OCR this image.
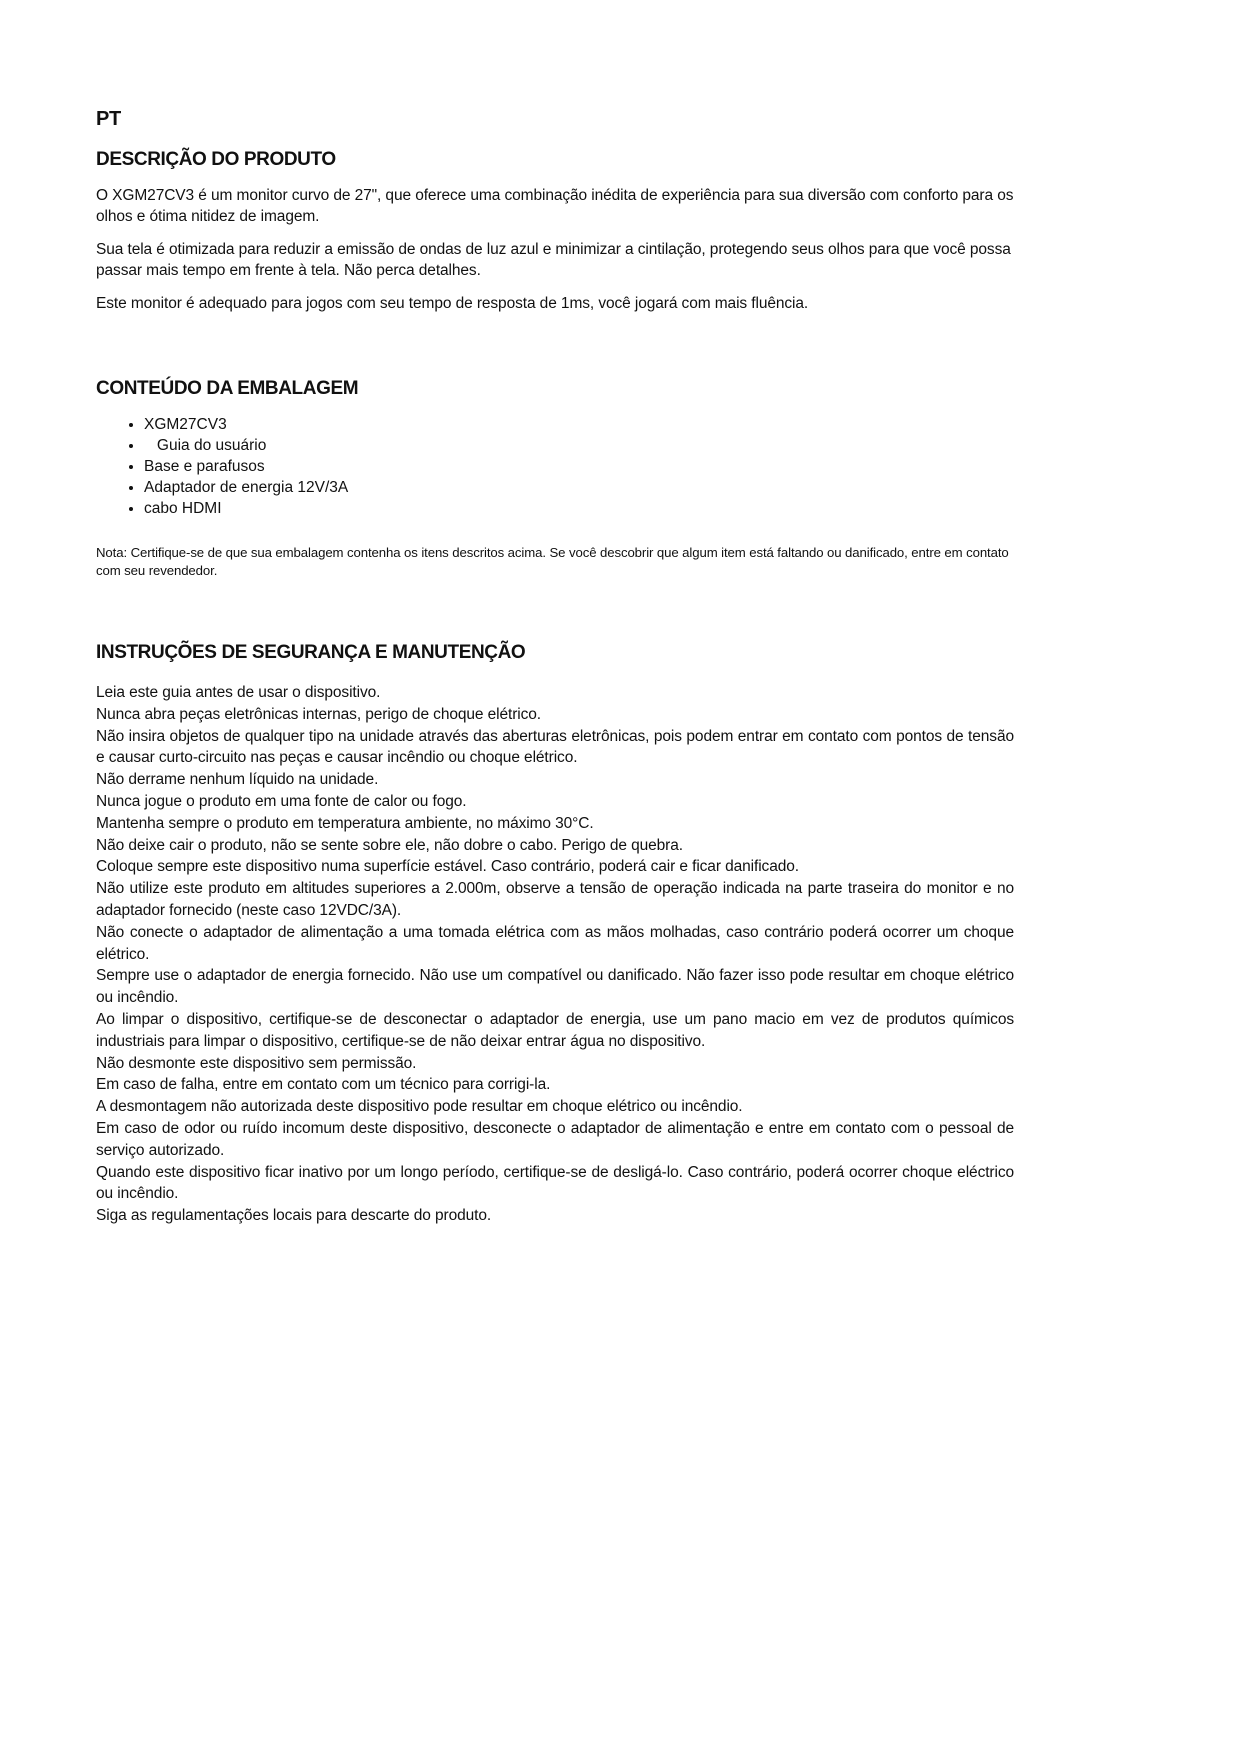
PT
DESCRIÇÃO DO PRODUTO

O XGM27CV3 é um monitor curvo de 27", que oferece uma combinação inédita de experiência para sua diversão com conforto para os olhos e ótima nitidez de imagem.

Sua tela é otimizada para reduzir a emissão de ondas de luz azul e minimizar a cintilação, protegendo seus olhos para que você possa passar mais tempo em frente à tela. Não perca detalhes.

Este monitor é adequado para jogos com seu tempo de resposta de 1ms, você jogará com mais fluência.

CONTEÚDO DA EMBALAGEM
• XGM27CV3
•    Guia do usuário
• Base e parafusos
• Adaptador de energia 12V/3A
• cabo HDMI

Nota: Certifique-se de que sua embalagem contenha os itens descritos acima. Se você descobrir que algum item está faltando ou danificado, entre em contato com seu revendedor.

INSTRUÇÕES DE SEGURANÇA E MANUTENÇÃO

Leia este guia antes de usar o dispositivo.

Nunca abra peças eletrônicas internas, perigo de choque elétrico.

Não insira objetos de qualquer tipo na unidade através das aberturas eletrônicas, pois podem entrar em contato com pontos de tensão e causar curto-circuito nas peças e causar incêndio ou choque elétrico.

Não derrame nenhum líquido na unidade.

Nunca jogue o produto em uma fonte de calor ou fogo.

Mantenha sempre o produto em temperatura ambiente, no máximo 30°C.

Não deixe cair o produto, não se sente sobre ele, não dobre o cabo. Perigo de quebra.

Coloque sempre este dispositivo numa superfície estável. Caso contrário, poderá cair e ficar danificado.

Não utilize este produto em altitudes superiores a 2.000m, observe a tensão de operação indicada na parte traseira do monitor e no adaptador fornecido (neste caso 12VDC/3A).

Não conecte o adaptador de alimentação a uma tomada elétrica com as mãos molhadas, caso contrário poderá ocorrer um choque elétrico.

Sempre use o adaptador de energia fornecido. Não use um compatível ou danificado. Não fazer isso pode resultar em choque elétrico ou incêndio.

Ao limpar o dispositivo, certifique-se de desconectar o adaptador de energia, use um pano macio em vez de produtos químicos industriais para limpar o dispositivo, certifique-se de não deixar entrar água no dispositivo.

Não desmonte este dispositivo sem permissão.

Em caso de falha, entre em contato com um técnico para corrigi-la.

A desmontagem não autorizada deste dispositivo pode resultar em choque elétrico ou incêndio.

Em caso de odor ou ruído incomum deste dispositivo, desconecte o adaptador de alimentação e entre em contato com o pessoal de serviço autorizado.

Quando este dispositivo ficar inativo por um longo período, certifique-se de desligá-lo. Caso contrário, poderá ocorrer choque eléctrico ou incêndio.

Siga as regulamentações locais para descarte do produto.
